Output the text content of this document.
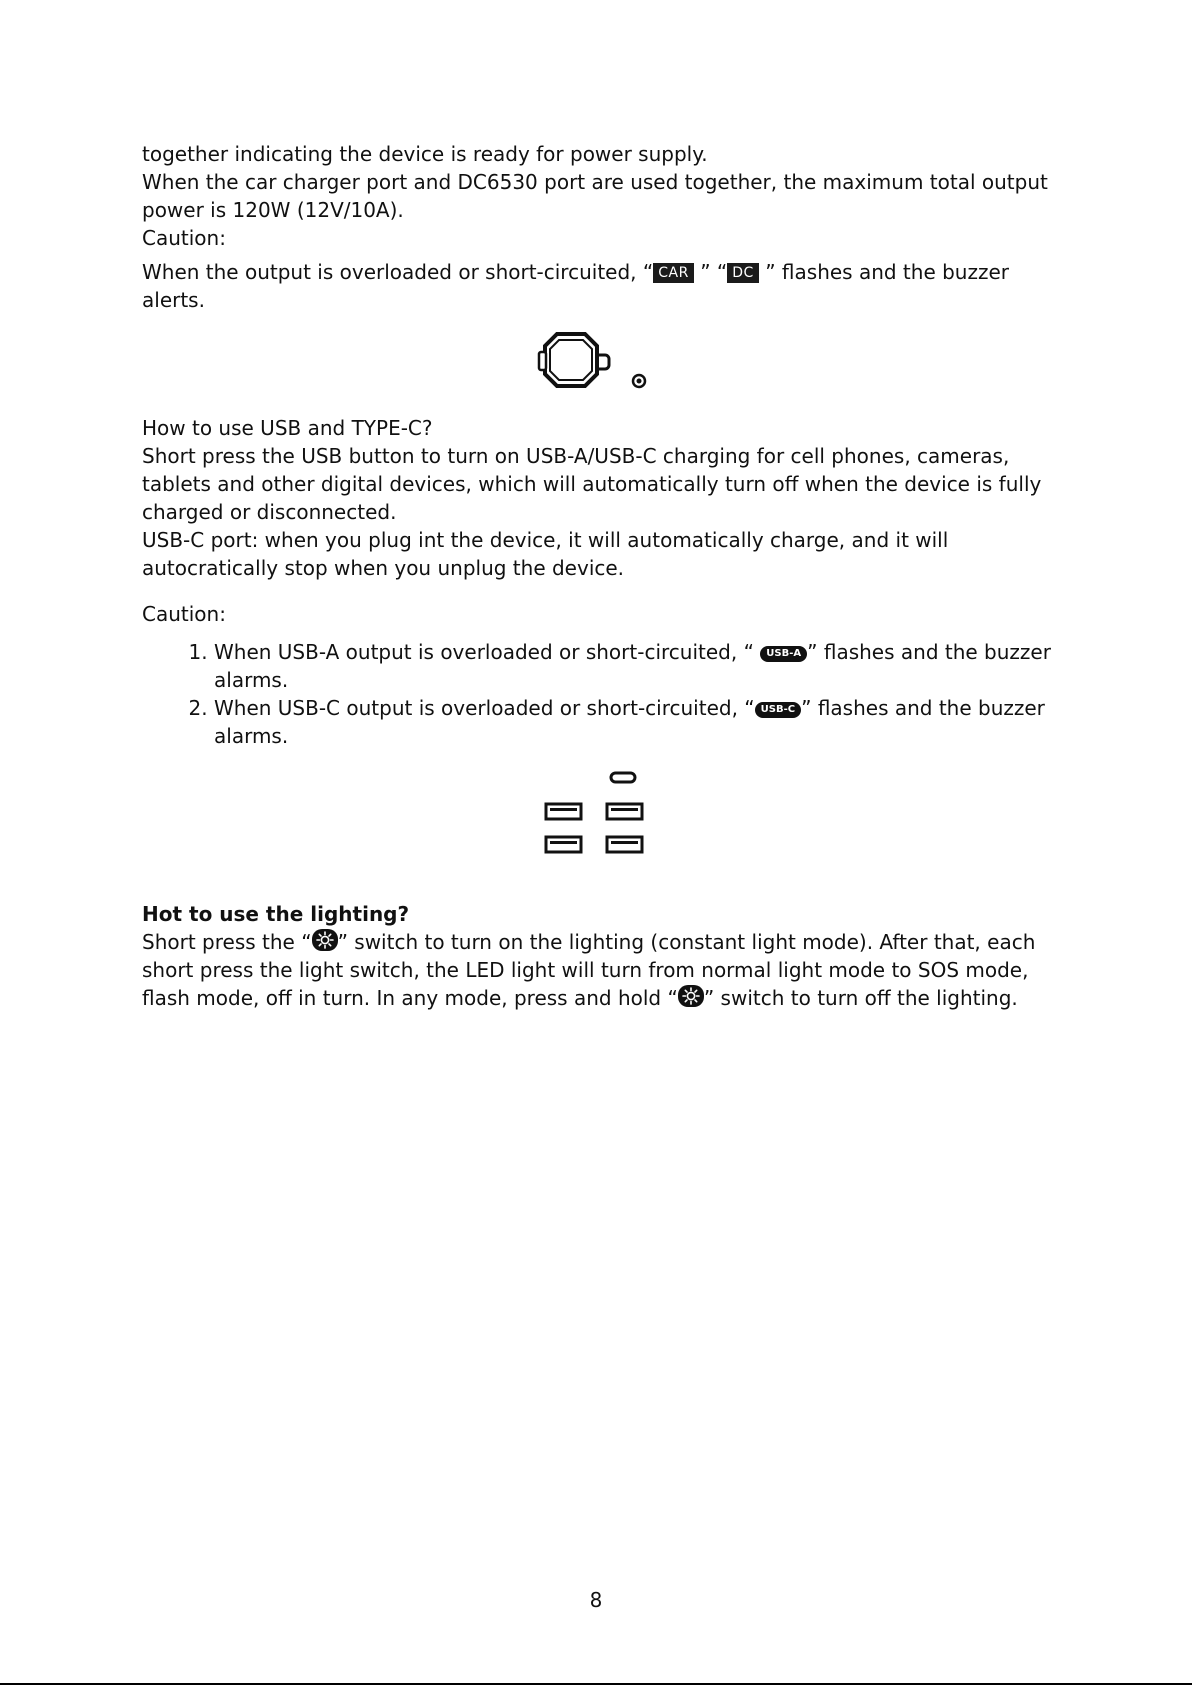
together indicating the device is ready for power supply.

When the car charger port and DC6530 port are used together, the maximum total output power is 120W (12V/10A).

Caution:

When the output is overloaded or short-circuited, “ CAR ” “ DC ” flashes and the buzzer alerts.

How to use USB and TYPE-C?

Short press the USB button to turn on USB-A/USB-C charging for cell phones, cameras, tablets and other digital devices, which will automatically turn off when the device is fully charged or disconnected.

USB-C port: when you plug int the device, it will automatically charge, and it will autocratically stop when you unplug the device.

Caution:

1. When USB-A output is overloaded or short-circuited, “ USB-A ” flashes and the buzzer alarms.
2. When USB-C output is overloaded or short-circuited, “ USB-C ” flashes and the buzzer alarms.
Hot to use the lighting?

Short press the “ ” switch to turn on the lighting (constant light mode). After that, each short press the light switch, the LED light will turn from normal light mode to SOS mode, flash mode, off in turn. In any mode, press and hold “ ” switch to turn off the lighting.

8
